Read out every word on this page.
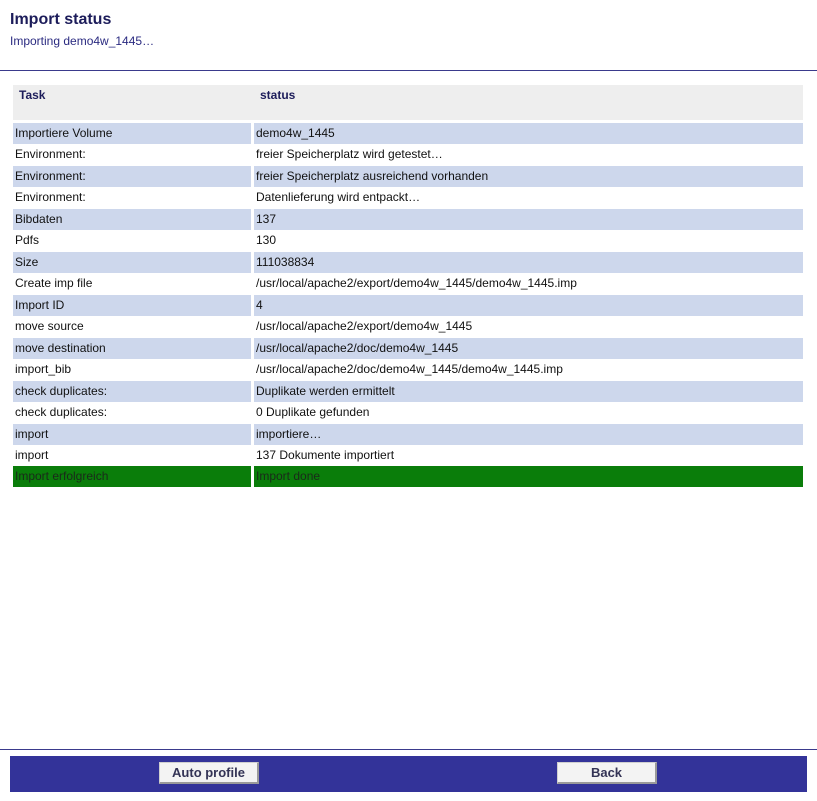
Import status
Importing demo4w_1445…
Task	status

Importiere Volume	demo4w_1445
Environment:	freier Speicherplatz wird getestet…
Environment:	freier Speicherplatz ausreichend vorhanden
Environment:	Datenlieferung wird entpackt…
Bibdaten	137
Pdfs	130
Size	111038834
Create imp file	/usr/local/apache2/export/demo4w_1445/demo4w_1445.imp
Import ID	4
move source	/usr/local/apache2/export/demo4w_1445
move destination	/usr/local/apache2/doc/demo4w_1445
import_bib	/usr/local/apache2/doc/demo4w_1445/demo4w_1445.imp
check duplicates:	Duplikate werden ermittelt
check duplicates:	0 Duplikate gefunden
import	importiere…
import	137 Dokumente importiert
Import erfolgreich	Import done
Auto profile	Back
